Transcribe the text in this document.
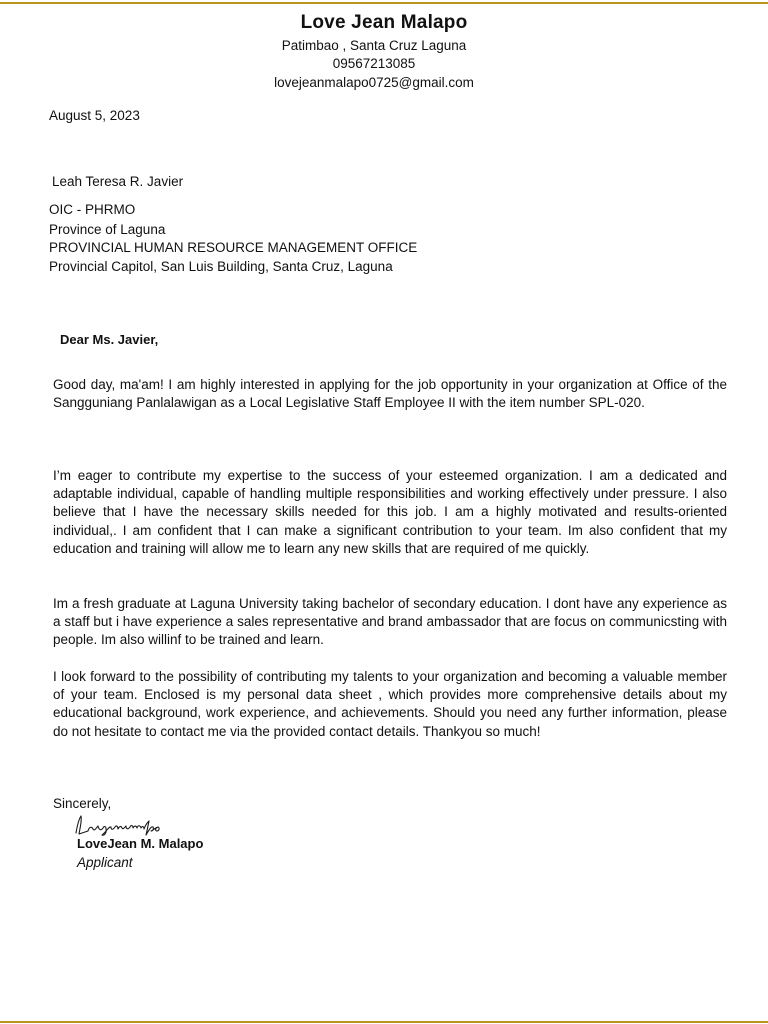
Love Jean Malapo
Patimbao , Santa Cruz Laguna
09567213085
lovejeanmalapo0725@gmail.com
August 5, 2023
Leah Teresa R. Javier
OIC - PHRMO
Province of Laguna
PROVINCIAL HUMAN RESOURCE MANAGEMENT OFFICE
Provincial Capitol, San Luis Building, Santa Cruz, Laguna
Dear Ms. Javier,
Good day, ma'am! I am highly interested in applying for the job opportunity in your organization at Office of the Sangguniang Panlalawigan as a Local Legislative Staff Employee II with the item number SPL-020.
I’m eager to contribute my expertise to the success of your esteemed organization. I am a dedicated and adaptable individual, capable of handling multiple responsibilities and working effectively under pressure. I also believe that I have the necessary skills needed for this job. I am a highly motivated and results-oriented individual,. I am confident that I can make a significant contribution to your team. Im also confident that my education and training will allow me to learn any new skills that are required of me quickly.
Im a fresh graduate at Laguna University taking bachelor of secondary education. I dont have any experience as a staff but i have experience a sales representative and brand ambassador that are focus on communicsting with people. Im also willinf to be trained and learn.
I look forward to the possibility of contributing my talents to your organization and becoming a valuable member of your team. Enclosed is my personal data sheet , which provides more comprehensive details about my educational background, work experience, and achievements. Should you need any further information, please do not hesitate to contact me via the provided contact details. Thankyou so much!
Sincerely,
LoveJean M. Malapo
Applicant
